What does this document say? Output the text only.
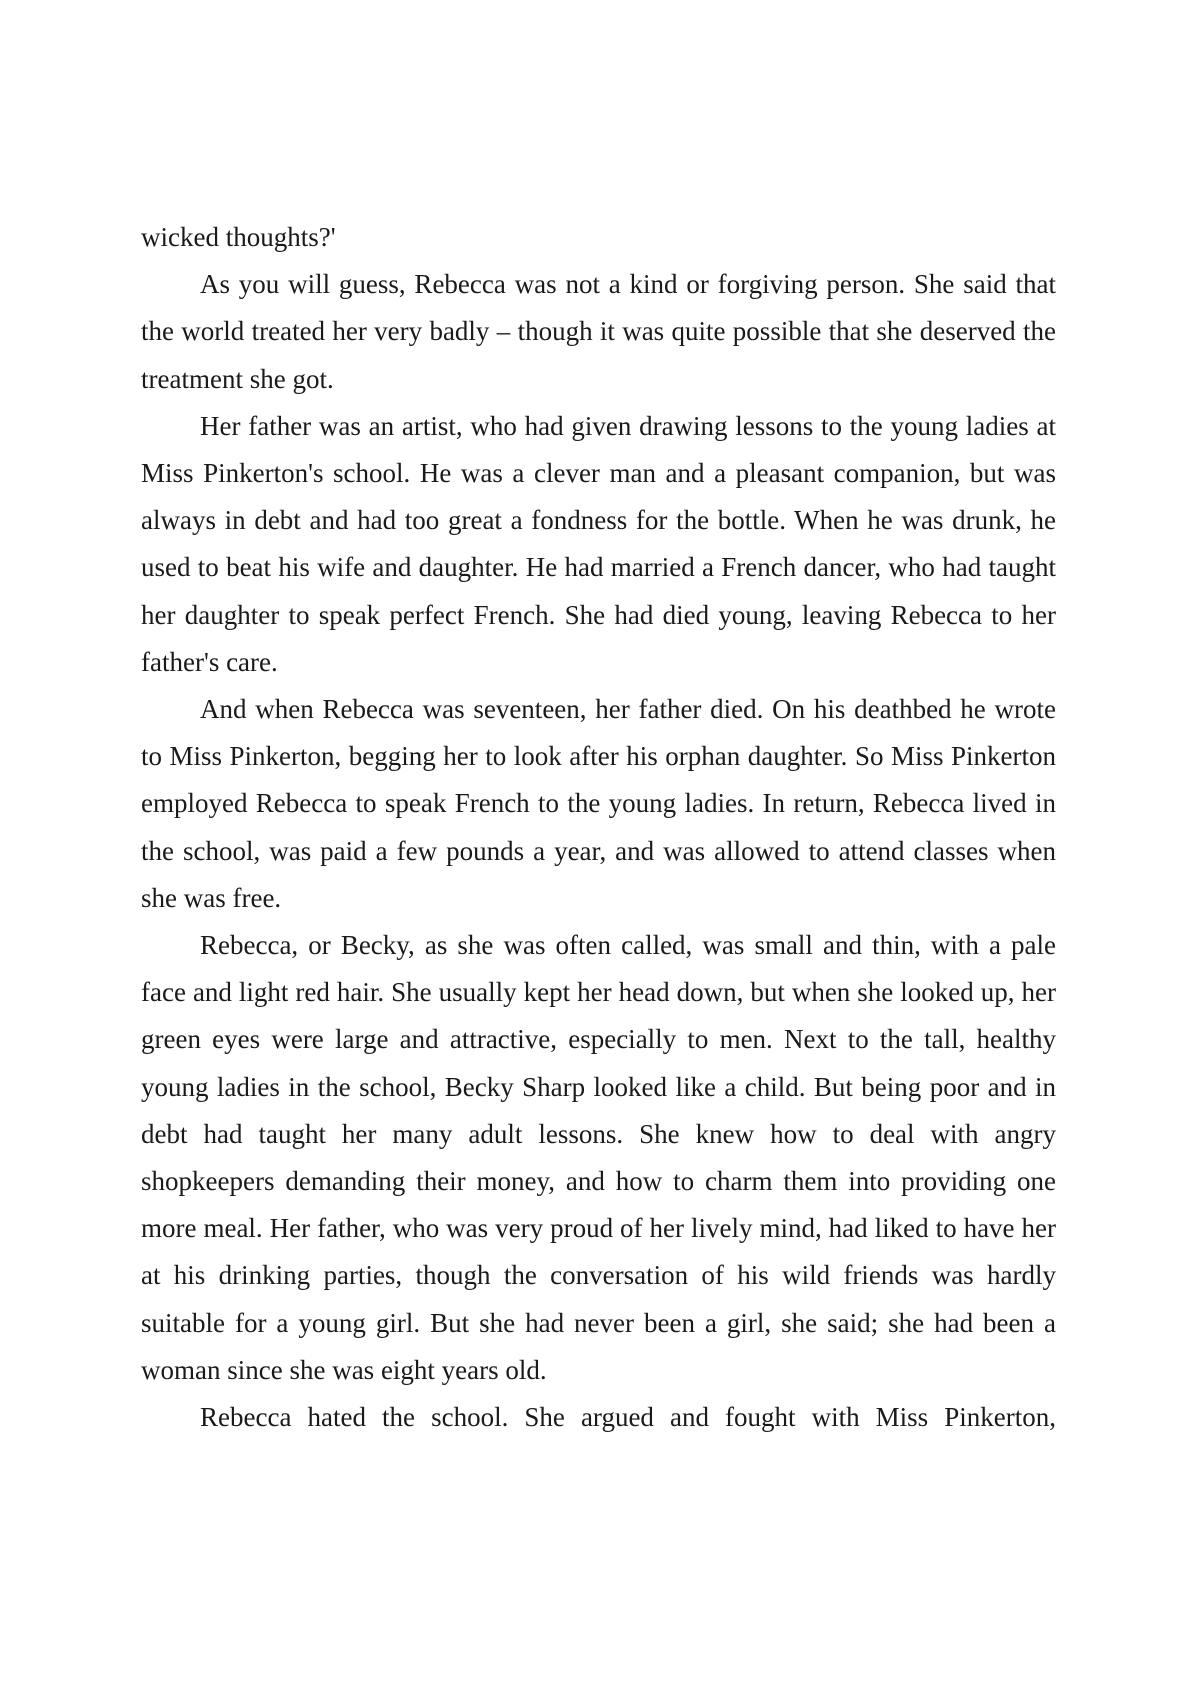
wicked thoughts?'

As you will guess, Rebecca was not a kind or forgiving person. She said that the world treated her very badly – though it was quite possible that she deserved the treatment she got.

Her father was an artist, who had given drawing lessons to the young ladies at Miss Pinkerton's school. He was a clever man and a pleasant companion, but was always in debt and had too great a fondness for the bottle. When he was drunk, he used to beat his wife and daughter. He had married a French dancer, who had taught her daughter to speak perfect French. She had died young, leaving Rebecca to her father's care.

And when Rebecca was seventeen, her father died. On his deathbed he wrote to Miss Pinkerton, begging her to look after his orphan daughter. So Miss Pinkerton employed Rebecca to speak French to the young ladies. In return, Rebecca lived in the school, was paid a few pounds a year, and was allowed to attend classes when she was free.

Rebecca, or Becky, as she was often called, was small and thin, with a pale face and light red hair. She usually kept her head down, but when she looked up, her green eyes were large and attractive, especially to men. Next to the tall, healthy young ladies in the school, Becky Sharp looked like a child. But being poor and in debt had taught her many adult lessons. She knew how to deal with angry shopkeepers demanding their money, and how to charm them into providing one more meal. Her father, who was very proud of her lively mind, had liked to have her at his drinking parties, though the conversation of his wild friends was hardly suitable for a young girl. But she had never been a girl, she said; she had been a woman since she was eight years old.

Rebecca hated the school. She argued and fought with Miss Pinkerton,
